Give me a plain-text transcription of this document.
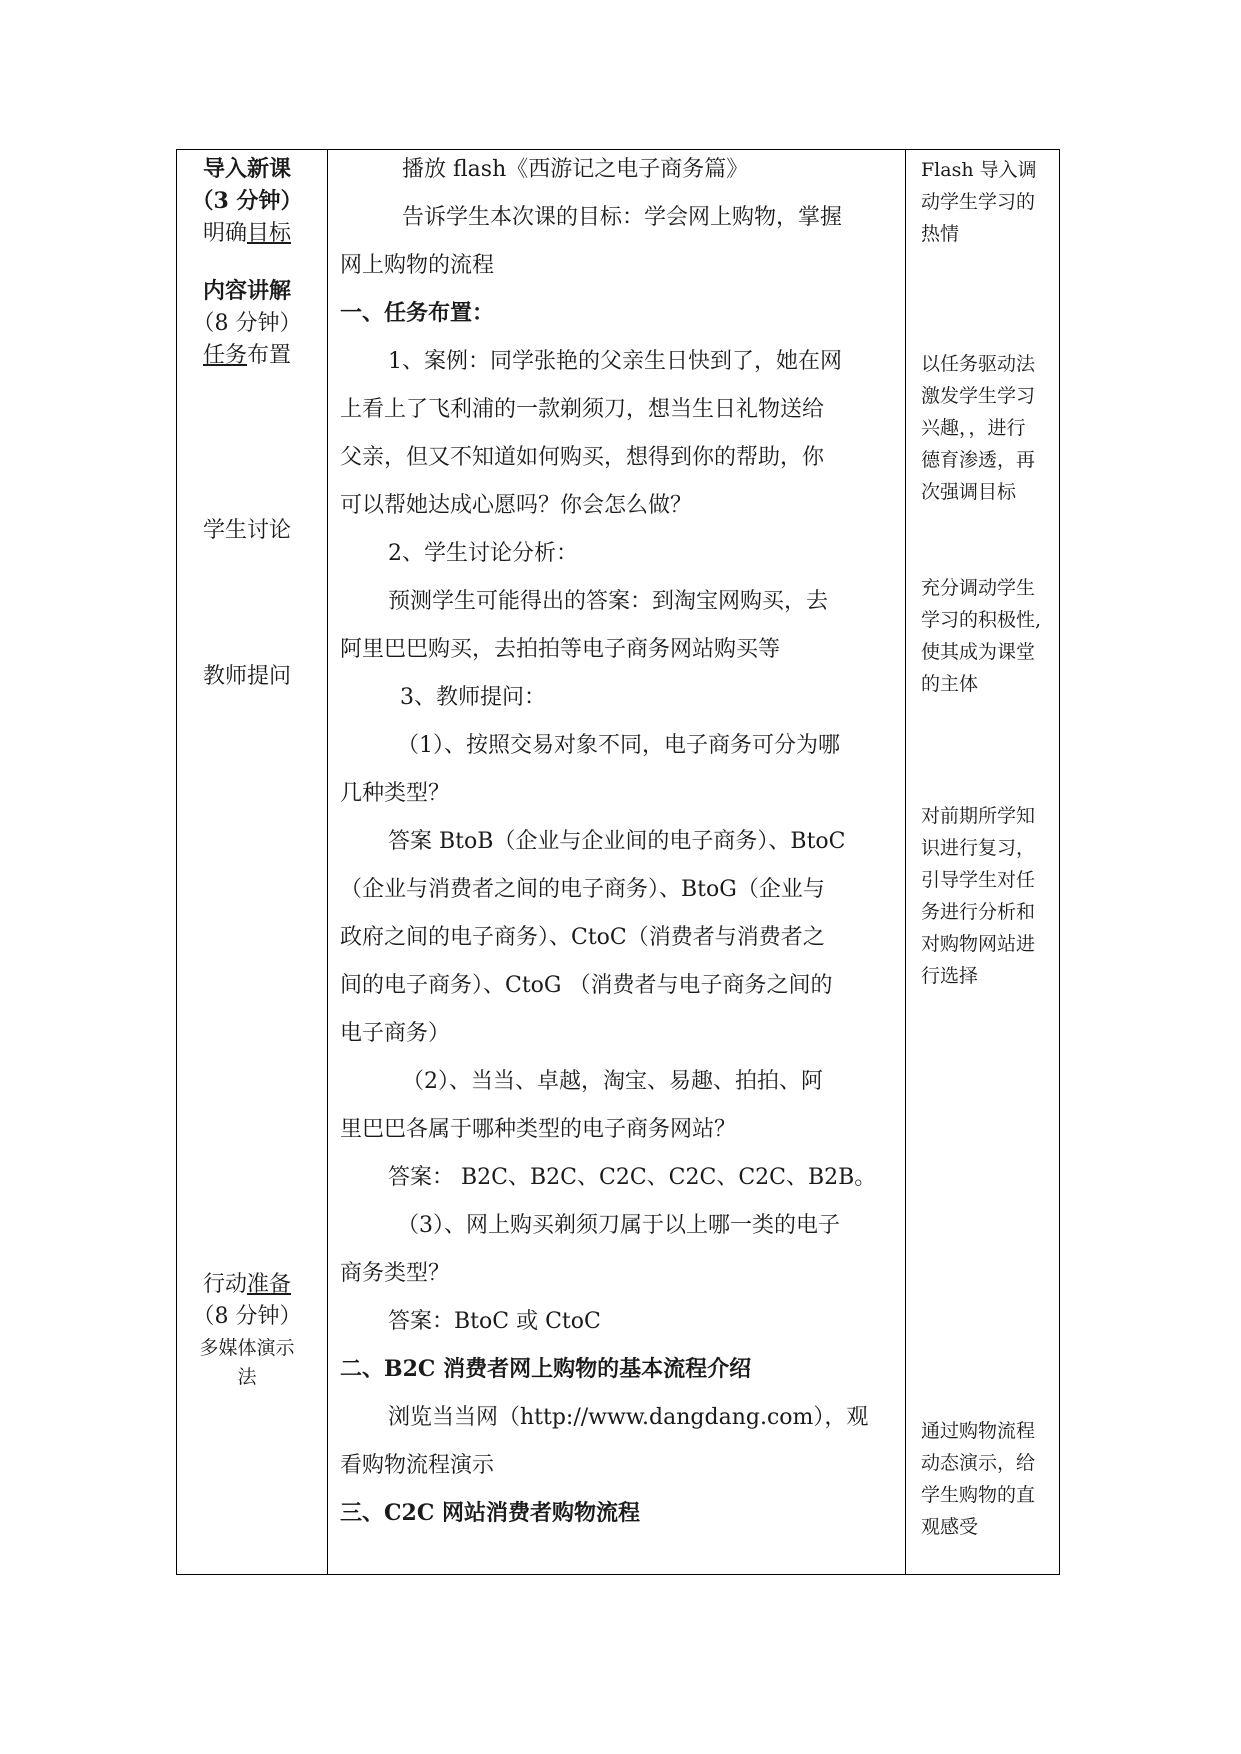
导入新课
（3 分钟）
明确目标
内容讲解
（8 分钟）
任务布置
学生讨论
教师提问
行动准备
（8 分钟）
多媒体演示
法
播放 flash《西游记之电子商务篇》
告诉学生本次课的目标：学会网上购物，掌握
网上购物的流程
一、任务布置：
1、案例：同学张艳的父亲生日快到了，她在网
上看上了飞利浦的一款剃须刀，想当生日礼物送给
父亲，但又不知道如何购买，想得到你的帮助，你
可以帮她达成心愿吗？你会怎么做？
2、学生讨论分析：
预测学生可能得出的答案：到淘宝网购买，去
阿里巴巴购买，去拍拍等电子商务网站购买等
3、教师提问：
（1）、按照交易对象不同，电子商务可分为哪
几种类型？
答案 BtoB（企业与企业间的电子商务）、BtoC
（企业与消费者之间的电子商务）、BtoG（企业与
政府之间的电子商务）、CtoC（消费者与消费者之
间的电子商务）、CtoG （消费者与电子商务之间的
电子商务）
（2）、当当、卓越，淘宝、易趣、拍拍、阿
里巴巴各属于哪种类型的电子商务网站？
答案： B2C、B2C、C2C、C2C、C2C、B2B。
（3）、网上购买剃须刀属于以上哪一类的电子
商务类型？
答案：BtoC 或 CtoC
二、B2C 消费者网上购物的基本流程介绍
浏览当当网（http://www.dangdang.com），观
看购物流程演示
三、C2C 网站消费者购物流程
Flash 导入调
动学生学习的
热情
以任务驱动法
激发学生学习
兴趣，，进行
德育渗透，再
次强调目标
充分调动学生
学习的积极性,
使其成为课堂
的主体
对前期所学知
识进行复习，
引导学生对任
务进行分析和
对购物网站进
行选择
通过购物流程
动态演示，给
学生购物的直
观感受
